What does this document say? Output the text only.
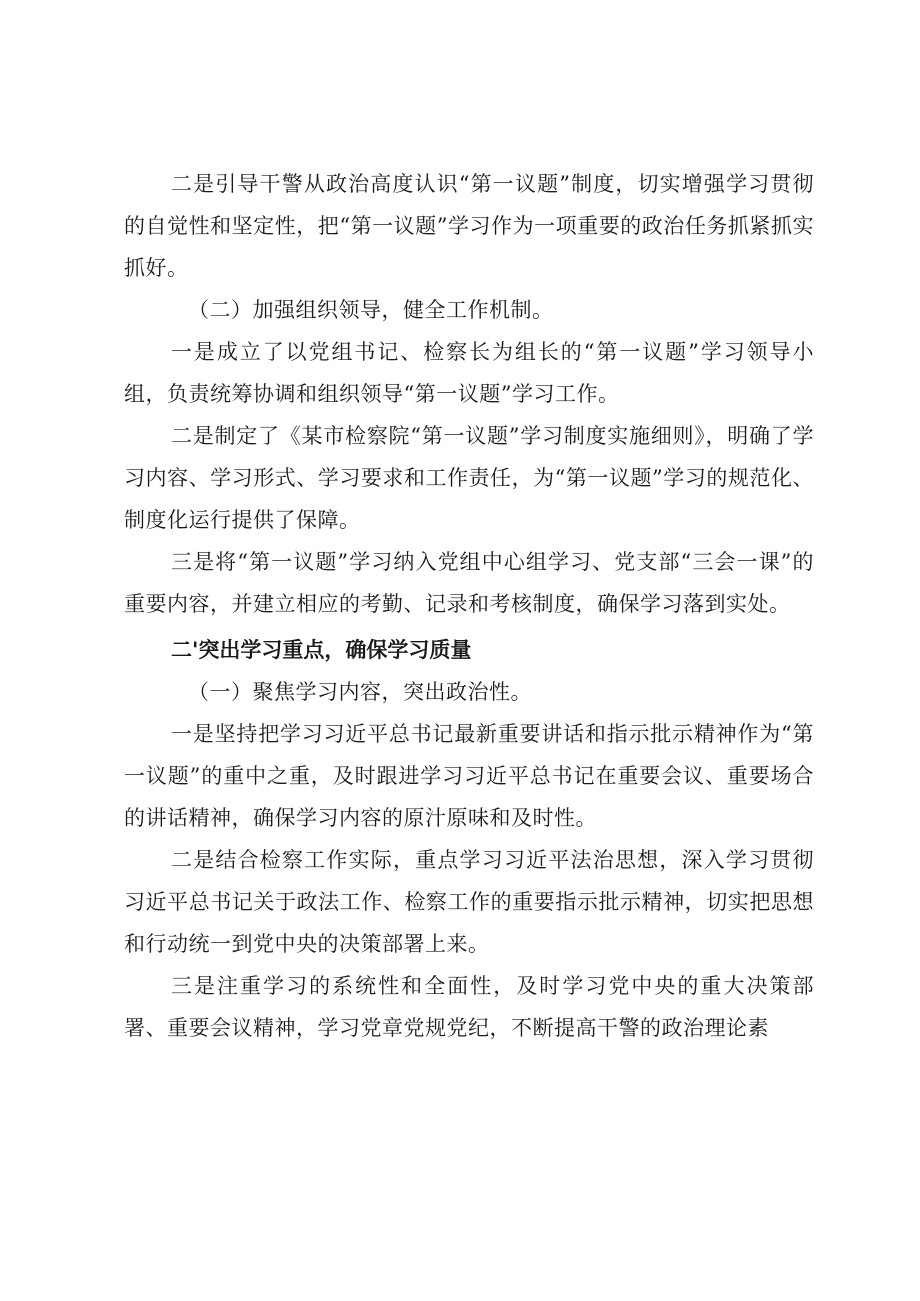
二是引导干警从政治高度认识“第一议题”制度，切实增强学习贯彻的自觉性和坚定性，把“第一议题”学习作为一项重要的政治任务抓紧抓实抓好。

（二）加强组织领导，健全工作机制。

一是成立了以党组书记、检察长为组长的“第一议题”学习领导小组，负责统筹协调和组织领导“第一议题”学习工作。

二是制定了《某市检察院“第一议题”学习制度实施细则》，明确了学习内容、学习形式、学习要求和工作责任，为“第一议题”学习的规范化、制度化运行提供了保障。

三是将“第一议题”学习纳入党组中心组学习、党支部“三会一课”的重要内容，并建立相应的考勤、记录和考核制度，确保学习落到实处。

二'突出学习重点，确保学习质量

（一）聚焦学习内容，突出政治性。

一是坚持把学习习近平总书记最新重要讲话和指示批示精神作为“第一议题”的重中之重，及时跟进学习习近平总书记在重要会议、重要场合的讲话精神，确保学习内容的原汁原味和及时性。

二是结合检察工作实际，重点学习习近平法治思想，深入学习贯彻习近平总书记关于政法工作、检察工作的重要指示批示精神，切实把思想和行动统一到党中央的决策部署上来。

三是注重学习的系统性和全面性，及时学习党中央的重大决策部署、重要会议精神，学习党章党规党纪，不断提高干警的政治理论素
